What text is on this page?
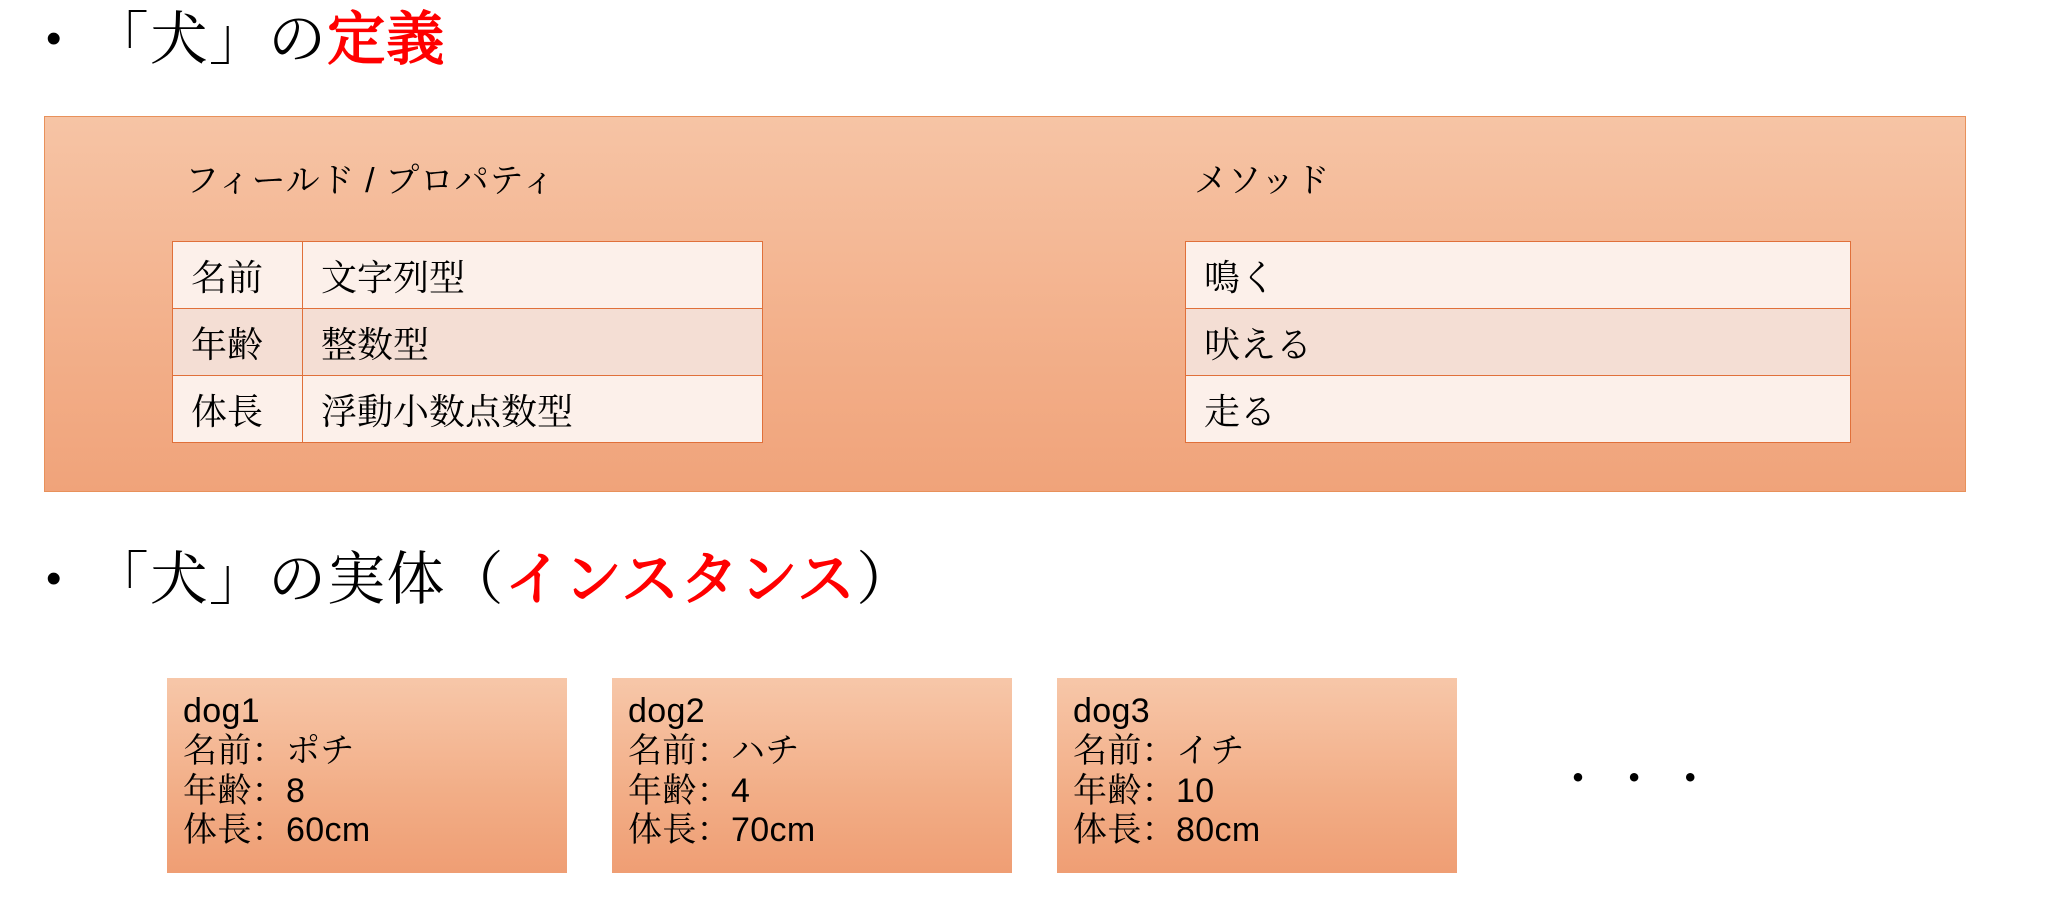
• 「犬」の定義
フィールド / プロパティ	メソッド
名前	文字列型
年齢	整数型
体長	浮動小数点数型
鳴く
吠える
走る
• 「犬」の実体（インスタンス）
dog1
名前：ポチ
年齢：8
体長：60cm
dog2
名前：ハチ
年齢：4
体長：70cm
dog3
名前：イチ
年齢：10
体長：80cm
・・・
